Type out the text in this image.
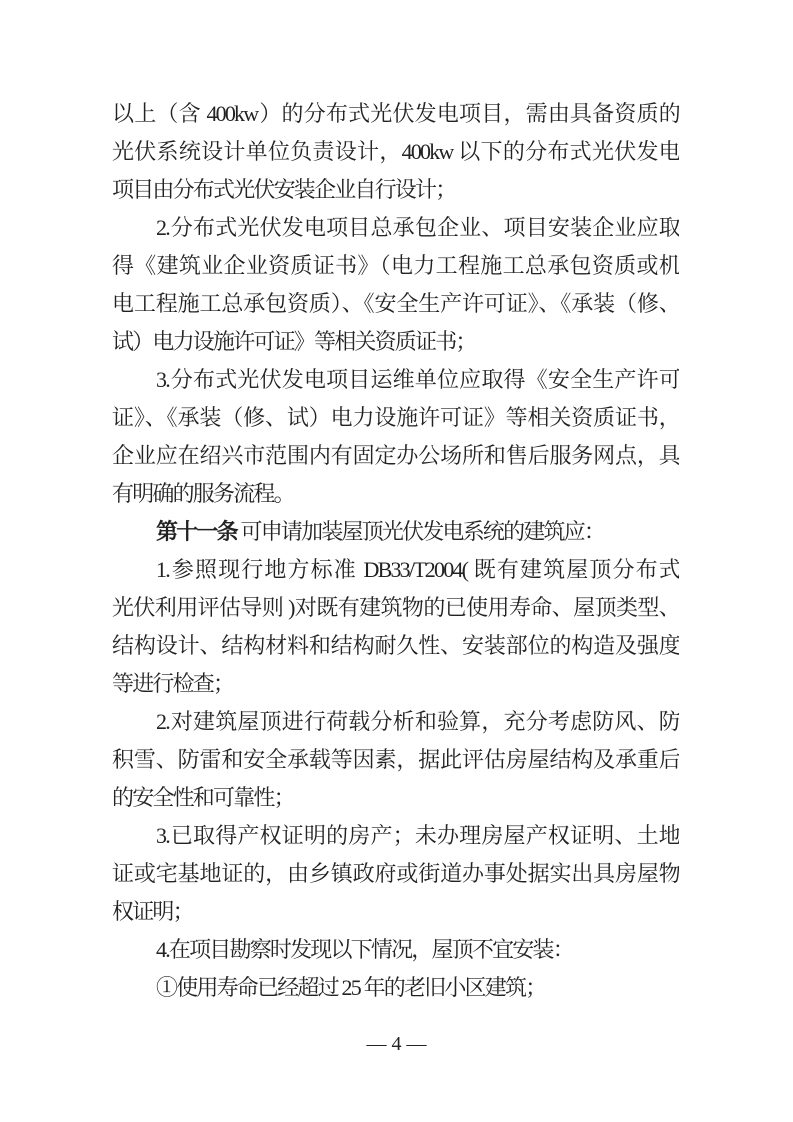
以上（含 400kw）的分布式光伏发电项目，需由具备资质的
光伏系统设计单位负责设计，400kw 以下的分布式光伏发电
项目由分布式光伏安装企业自行设计；
2.分布式光伏发电项目总承包企业、项目安装企业应取
得《建筑业企业资质证书》（电力工程施工总承包资质或机
电工程施工总承包资质）、《安全生产许可证》、《承装（修、
试）电力设施许可证》等相关资质证书；
3.分布式光伏发电项目运维单位应取得《安全生产许可
证》、《承装（修、试）电力设施许可证》等相关资质证书，
企业应在绍兴市范围内有固定办公场所和售后服务网点，具
有明确的服务流程。
第十一条 可申请加装屋顶光伏发电系统的建筑应：
1.参照现行地方标准 DB33/T2004( 既有建筑屋顶分布式
光伏利用评估导则 )对既有建筑物的已使用寿命、屋顶类型、
结构设计、结构材料和结构耐久性、安装部位的构造及强度
等进行检查；
2.对建筑屋顶进行荷载分析和验算，充分考虑防风、防
积雪、防雷和安全承载等因素，据此评估房屋结构及承重后
的安全性和可靠性；
3.已取得产权证明的房产；未办理房屋产权证明、土地
证或宅基地证的，由乡镇政府或街道办事处据实出具房屋物
权证明；
4.在项目勘察时发现以下情况，屋顶不宜安装：
①使用寿命已经超过 25 年的老旧小区建筑；
— 4 —
